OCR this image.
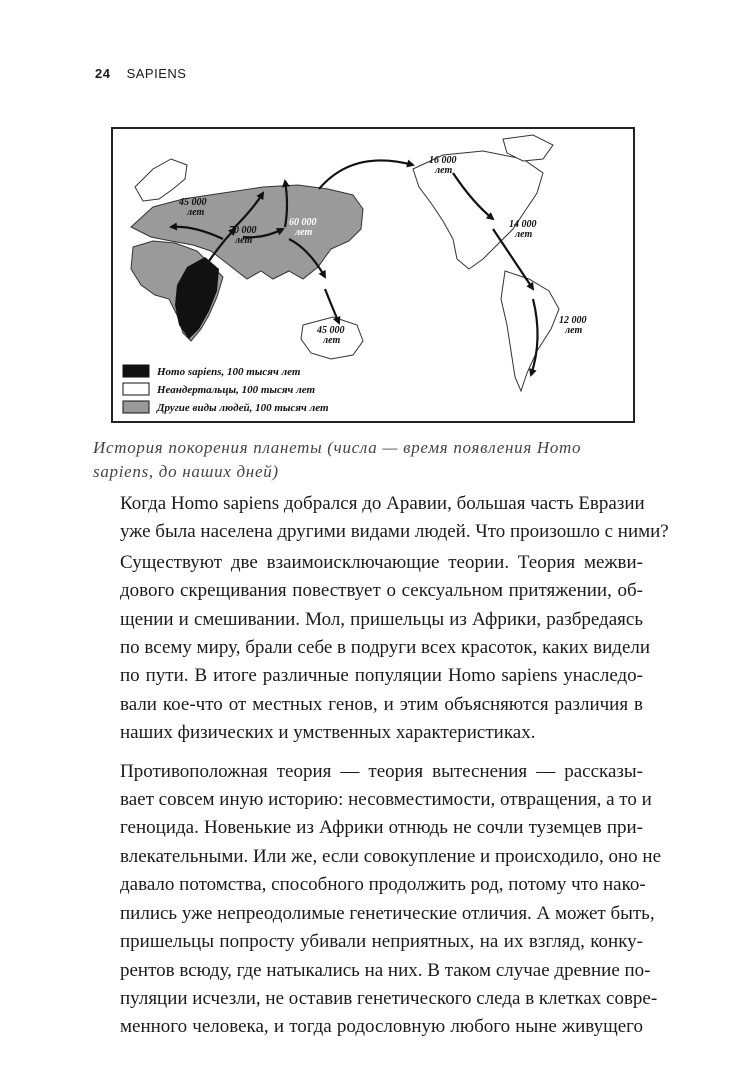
24 SAPIENS
45 000
лет
70 000
лет
60 000
лет
16 000
лет
14 000
лет
12 000
лет
45 000
лет
Homo sapiens, 100 тысяч лет
Неандертальцы, 100 тысяч лет
Другие виды людей, 100 тысяч лет
История покорения планеты (числа — время появления Homo
sapiens, до наших дней)

Когда Homo sapiens добрался до Аравии, большая часть Евразии
уже была населена другими видами людей. Что произошло с ними?

Существуют две взаимоисключающие теории. Теория межви-
дового скрещивания повествует о сексуальном притяжении, об-
щении и смешивании. Мол, пришельцы из Африки, разбредаясь
по всему миру, брали себе в подруги всех красоток, каких видели
по пути. В итоге различные популяции Homo sapiens унаследо-
вали кое-что от местных генов, и этим объясняются различия в
наших физических и умственных характеристиках.

Противоположная теория — теория вытеснения — рассказы-
вает совсем иную историю: несовместимости, отвращения, а то и
геноцида. Новенькие из Африки отнюдь не сочли туземцев при-
влекательными. Или же, если совокупление и происходило, оно не
давало потомства, способного продолжить род, потому что нако-
пились уже непреодолимые генетические отличия. А может быть,
пришельцы попросту убивали неприятных, на их взгляд, конку-
рентов всюду, где натыкались на них. В таком случае древние по-
пуляции исчезли, не оставив генетического следа в клетках совре-
менного человека, и тогда родословную любого ныне живущего
